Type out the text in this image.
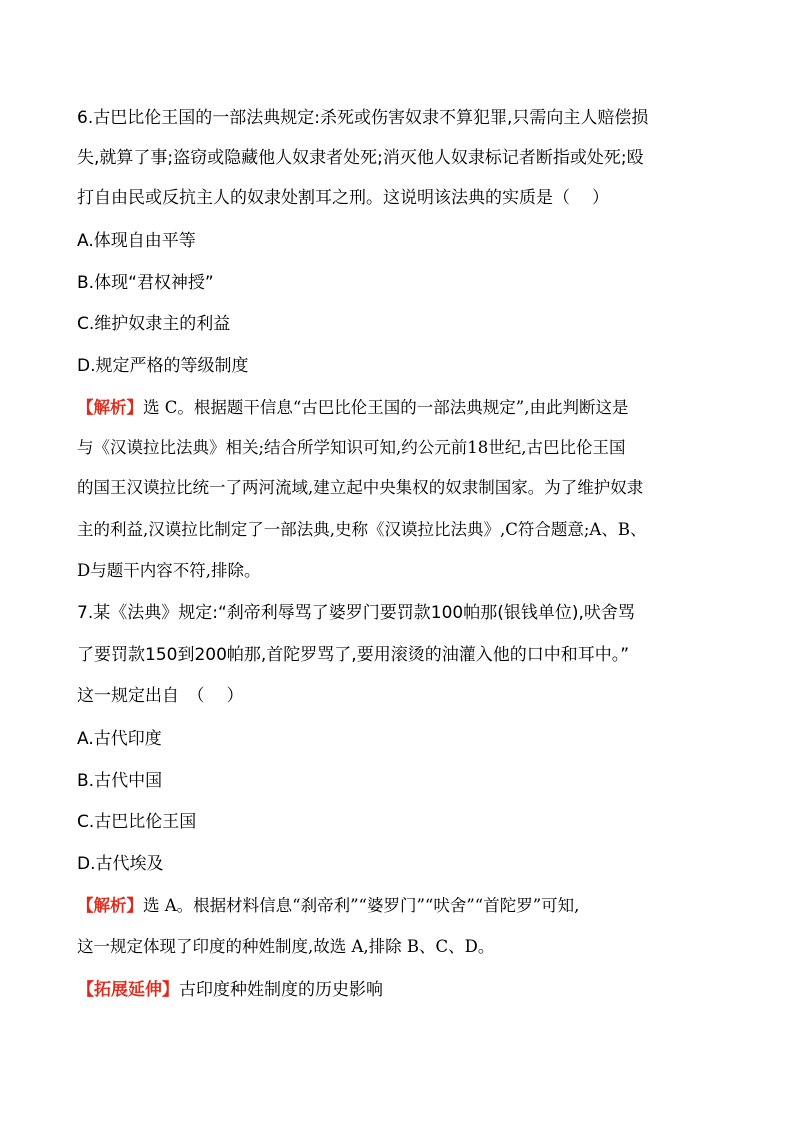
6.古巴比伦王国的一部法典规定:杀死或伤害奴隶不算犯罪,只需向主人赔偿损
失,就算了事;盗窃或隐藏他人奴隶者处死;消灭他人奴隶标记者断指或处死;殴
打自由民或反抗主人的奴隶处割耳之刑。这说明该法典的实质是（ ）
A.体现自由平等
B.体现“君权神授”
C.维护奴隶主的利益
D.规定严格的等级制度
【解析】选 C。根据题干信息“古巴比伦王国的一部法典规定”,由此判断这是
与《汉谟拉比法典》相关;结合所学知识可知,约公元前18世纪,古巴比伦王国
的国王汉谟拉比统一了两河流域,建立起中央集权的奴隶制国家。为了维护奴隶
主的利益,汉谟拉比制定了一部法典,史称《汉谟拉比法典》,C符合题意;A、B、
D与题干内容不符,排除。
7.某《法典》规定:“刹帝利辱骂了婆罗门要罚款100帕那(银钱单位),吠舍骂
了要罚款150到200帕那,首陀罗骂了,要用滚烫的油灌入他的口中和耳中。”
这一规定出自　（ ）
A.古代印度
B.古代中国
C.古巴比伦王国
D.古代埃及
【解析】选 A。根据材料信息“刹帝利”“婆罗门”“吠舍”“首陀罗”可知,
这一规定体现了印度的种姓制度,故选 A,排除 B、C、D。
【拓展延伸】古印度种姓制度的历史影响
